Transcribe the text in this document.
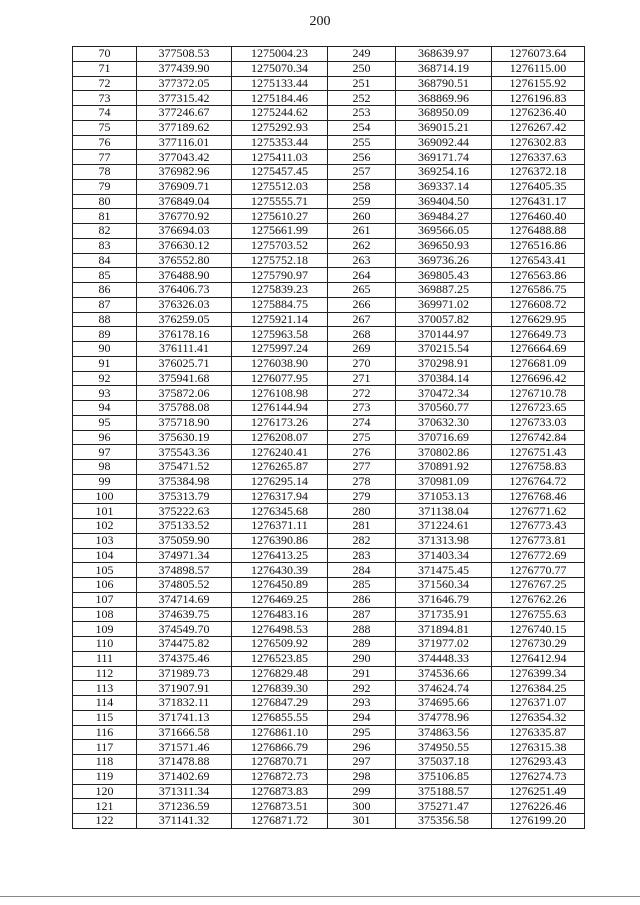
200
70	377508.53	1275004.23	249	368639.97	1276073.64
71	377439.90	1275070.34	250	368714.19	1276115.00
72	377372.05	1275133.44	251	368790.51	1276155.92
73	377315.42	1275184.46	252	368869.96	1276196.83
74	377246.67	1275244.62	253	368950.09	1276236.40
75	377189.62	1275292.93	254	369015.21	1276267.42
76	377116.01	1275353.44	255	369092.44	1276302.83
77	377043.42	1275411.03	256	369171.74	1276337.63
78	376982.96	1275457.45	257	369254.16	1276372.18
79	376909.71	1275512.03	258	369337.14	1276405.35
80	376849.04	1275555.71	259	369404.50	1276431.17
81	376770.92	1275610.27	260	369484.27	1276460.40
82	376694.03	1275661.99	261	369566.05	1276488.88
83	376630.12	1275703.52	262	369650.93	1276516.86
84	376552.80	1275752.18	263	369736.26	1276543.41
85	376488.90	1275790.97	264	369805.43	1276563.86
86	376406.73	1275839.23	265	369887.25	1276586.75
87	376326.03	1275884.75	266	369971.02	1276608.72
88	376259.05	1275921.14	267	370057.82	1276629.95
89	376178.16	1275963.58	268	370144.97	1276649.73
90	376111.41	1275997.24	269	370215.54	1276664.69
91	376025.71	1276038.90	270	370298.91	1276681.09
92	375941.68	1276077.95	271	370384.14	1276696.42
93	375872.06	1276108.98	272	370472.34	1276710.78
94	375788.08	1276144.94	273	370560.77	1276723.65
95	375718.90	1276173.26	274	370632.30	1276733.03
96	375630.19	1276208.07	275	370716.69	1276742.84
97	375543.36	1276240.41	276	370802.86	1276751.43
98	375471.52	1276265.87	277	370891.92	1276758.83
99	375384.98	1276295.14	278	370981.09	1276764.72
100	375313.79	1276317.94	279	371053.13	1276768.46
101	375222.63	1276345.68	280	371138.04	1276771.62
102	375133.52	1276371.11	281	371224.61	1276773.43
103	375059.90	1276390.86	282	371313.98	1276773.81
104	374971.34	1276413.25	283	371403.34	1276772.69
105	374898.57	1276430.39	284	371475.45	1276770.77
106	374805.52	1276450.89	285	371560.34	1276767.25
107	374714.69	1276469.25	286	371646.79	1276762.26
108	374639.75	1276483.16	287	371735.91	1276755.63
109	374549.70	1276498.53	288	371894.81	1276740.15
110	374475.82	1276509.92	289	371977.02	1276730.29
111	374375.46	1276523.85	290	374448.33	1276412.94
112	371989.73	1276829.48	291	374536.66	1276399.34
113	371907.91	1276839.30	292	374624.74	1276384.25
114	371832.11	1276847.29	293	374695.66	1276371.07
115	371741.13	1276855.55	294	374778.96	1276354.32
116	371666.58	1276861.10	295	374863.56	1276335.87
117	371571.46	1276866.79	296	374950.55	1276315.38
118	371478.88	1276870.71	297	375037.18	1276293.43
119	371402.69	1276872.73	298	375106.85	1276274.73
120	371311.34	1276873.83	299	375188.57	1276251.49
121	371236.59	1276873.51	300	375271.47	1276226.46
122	371141.32	1276871.72	301	375356.58	1276199.20
